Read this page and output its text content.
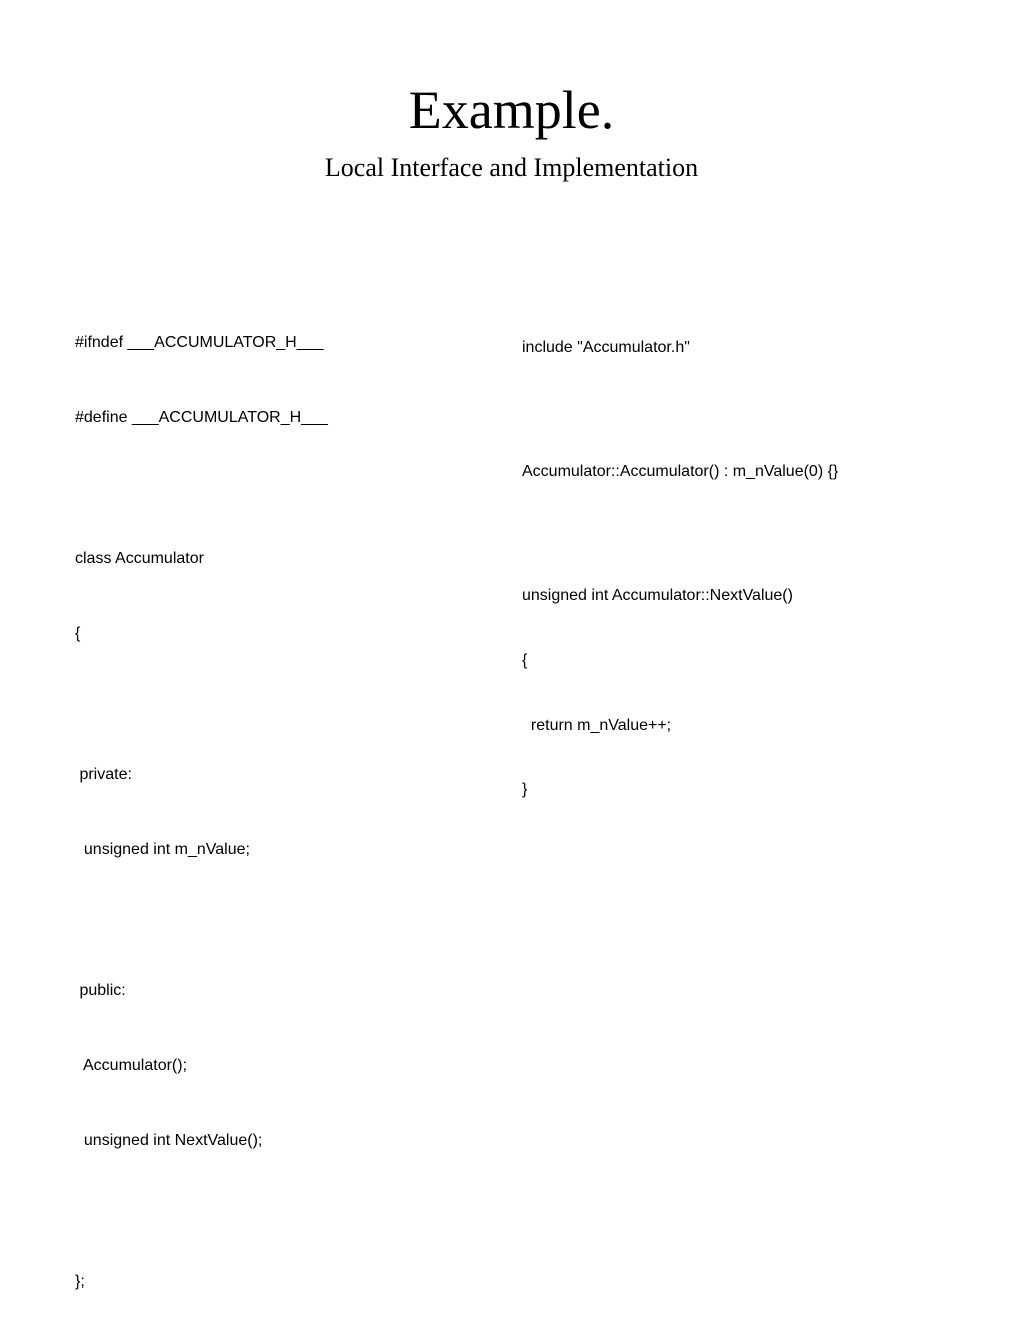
Example.
Local Interface and Implementation

#ifndef ___ACCUMULATOR_H___

#define ___ACCUMULATOR_H___

class Accumulator

{

private:

unsigned int m_nValue;

public:

Accumulator();

unsigned int NextValue();

};

include "Accumulator.h"

Accumulator::Accumulator() : m_nValue(0) {}

unsigned int Accumulator::NextValue()

{

return m_nValue++;

}
